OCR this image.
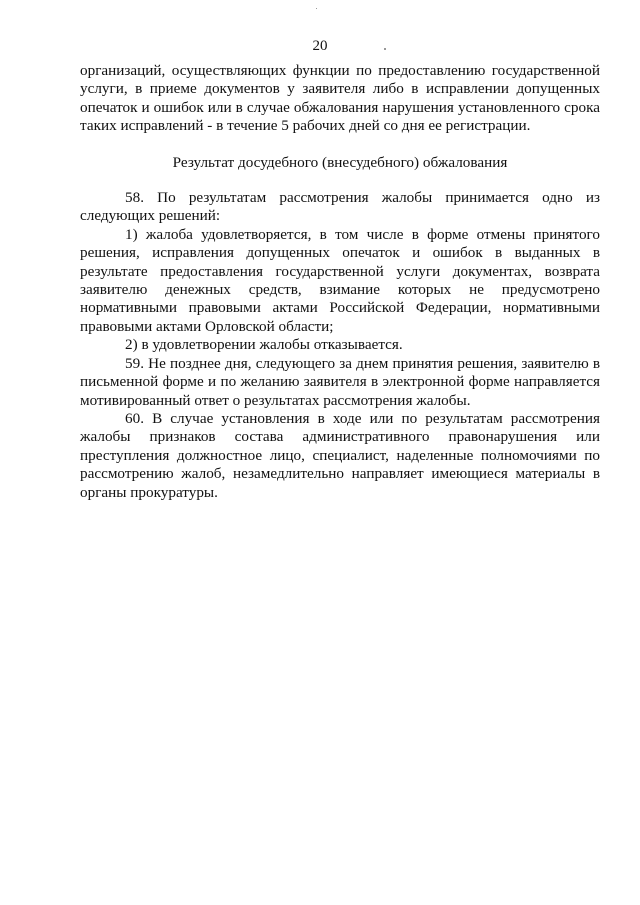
20

организаций, осуществляющих функции по предоставлению государственной услуги, в приеме документов у заявителя либо в исправлении допущенных опечаток и ошибок или в случае обжалования нарушения установленного срока таких исправлений - в течение 5 рабочих дней со дня ее регистрации.

Результат досудебного (внесудебного) обжалования

58. По результатам рассмотрения жалобы принимается одно из следующих решений:

1) жалоба удовлетворяется, в том числе в форме отмены принятого решения, исправления допущенных опечаток и ошибок в выданных в результате предоставления государственной услуги документах, возврата заявителю денежных средств, взимание которых не предусмотрено нормативными правовыми актами Российской Федерации, нормативными правовыми актами Орловской области;

2) в удовлетворении жалобы отказывается.

59. Не позднее дня, следующего за днем принятия решения, заявителю в письменной форме и по желанию заявителя в электронной форме направляется мотивированный ответ о результатах рассмотрения жалобы.

60. В случае установления в ходе или по результатам рассмотрения жалобы признаков состава административного правонарушения или преступления должностное лицо, специалист, наделенные полномочиями по рассмотрению жалоб, незамедлительно направляет имеющиеся материалы в органы прокуратуры.
